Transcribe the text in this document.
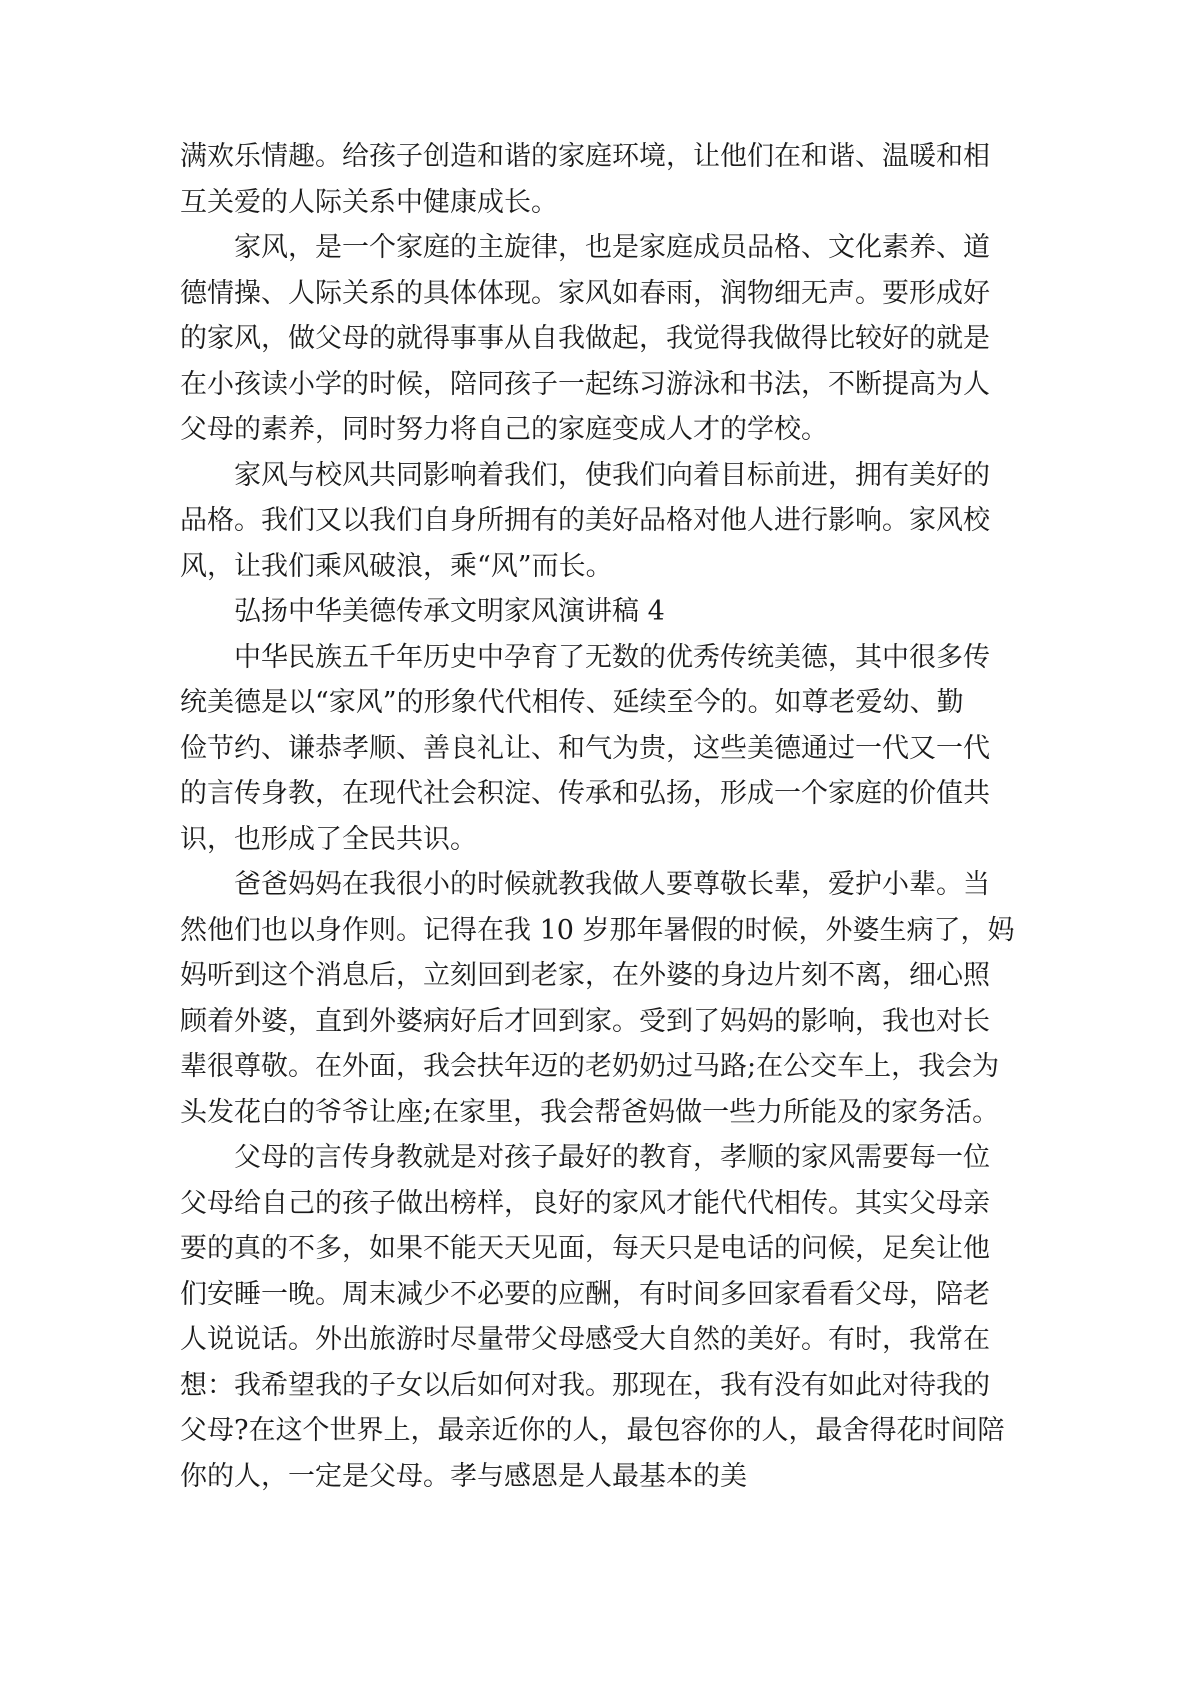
满欢乐情趣。给孩子创造和谐的家庭环境，让他们在和谐、温暖和相
互关爱的人际关系中健康成长。

家风，是一个家庭的主旋律，也是家庭成员品格、文化素养、道
德情操、人际关系的具体体现。家风如春雨，润物细无声。要形成好
的家风，做父母的就得事事从自我做起，我觉得我做得比较好的就是
在小孩读小学的时候，陪同孩子一起练习游泳和书法，不断提高为人
父母的素养，同时努力将自己的家庭变成人才的学校。

家风与校风共同影响着我们，使我们向着目标前进，拥有美好的
品格。我们又以我们自身所拥有的美好品格对他人进行影响。家风校
风，让我们乘风破浪，乘“风”而长。

弘扬中华美德传承文明家风演讲稿 4

中华民族五千年历史中孕育了无数的优秀传统美德，其中很多传
统美德是以“家风”的形象代代相传、延续至今的。如尊老爱幼、勤
俭节约、谦恭孝顺、善良礼让、和气为贵，这些美德通过一代又一代
的言传身教，在现代社会积淀、传承和弘扬，形成一个家庭的价值共
识，也形成了全民共识。

爸爸妈妈在我很小的时候就教我做人要尊敬长辈，爱护小辈。当
然他们也以身作则。记得在我 10 岁那年暑假的时候，外婆生病了，妈
妈听到这个消息后，立刻回到老家，在外婆的身边片刻不离，细心照
顾着外婆，直到外婆病好后才回到家。受到了妈妈的影响，我也对长
辈很尊敬。在外面，我会扶年迈的老奶奶过马路;在公交车上，我会为
头发花白的爷爷让座;在家里，我会帮爸妈做一些力所能及的家务活。

父母的言传身教就是对孩子最好的教育，孝顺的家风需要每一位
父母给自己的孩子做出榜样，良好的家风才能代代相传。其实父母亲
要的真的不多，如果不能天天见面，每天只是电话的问候，足矣让他
们安睡一晚。周末减少不必要的应酬，有时间多回家看看父母，陪老
人说说话。外出旅游时尽量带父母感受大自然的美好。有时，我常在
想：我希望我的子女以后如何对我。那现在，我有没有如此对待我的
父母?在这个世界上，最亲近你的人，最包容你的人，最舍得花时间陪
你的人，一定是父母。孝与感恩是人最基本的美
